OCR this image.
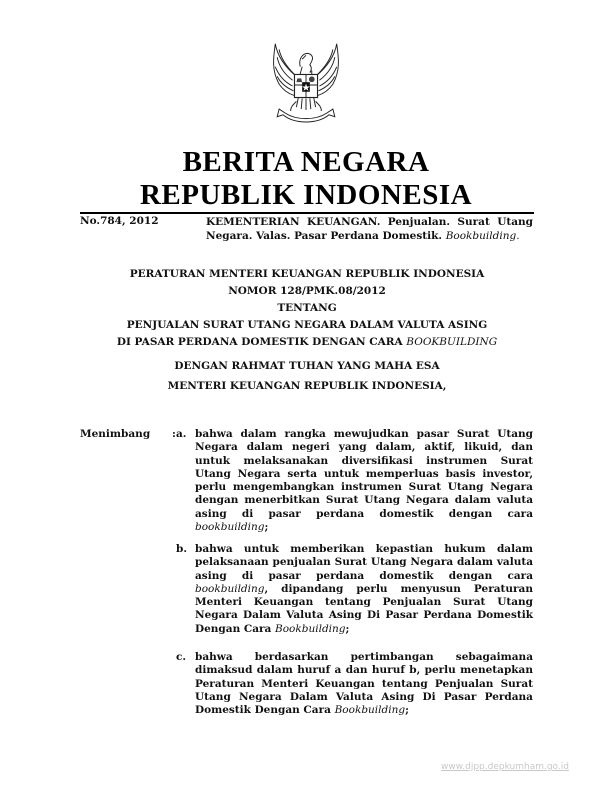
BERITA NEGARA
REPUBLIK INDONESIA
No.784, 2012	KEMENTERIAN KEUANGAN. Penjualan. Surat Utang
Negara. Valas. Pasar Perdana Domestik. Bookbuilding.
PERATURAN MENTERI KEUANGAN REPUBLIK INDONESIA
NOMOR 128/PMK.08/2012
TENTANG
PENJUALAN SURAT UTANG NEGARA DALAM VALUTA ASING
DI PASAR PERDANA DOMESTIK DENGAN CARA BOOKBUILDING
DENGAN RAHMAT TUHAN YANG MAHA ESA
MENTERI KEUANGAN REPUBLIK INDONESIA,
Menimbang : a. bahwa dalam rangka mewujudkan pasar Surat Utang Negara dalam negeri yang dalam, aktif, likuid, dan untuk melaksanakan diversifikasi instrumen Surat Utang Negara serta untuk memperluas basis investor, perlu mengembangkan instrumen Surat Utang Negara dengan menerbitkan Surat Utang Negara dalam valuta asing di pasar perdana domestik dengan cara bookbuilding;
b. bahwa untuk memberikan kepastian hukum dalam pelaksanaan penjualan Surat Utang Negara dalam valuta asing di pasar perdana domestik dengan cara bookbuilding, dipandang perlu menyusun Peraturan Menteri Keuangan tentang Penjualan Surat Utang Negara Dalam Valuta Asing Di Pasar Perdana Domestik Dengan Cara Bookbuilding;
c. bahwa berdasarkan pertimbangan sebagaimana dimaksud dalam huruf a dan huruf b, perlu menetapkan Peraturan Menteri Keuangan tentang Penjualan Surat Utang Negara Dalam Valuta Asing Di Pasar Perdana Domestik Dengan Cara Bookbuilding;
www.djpp.depkumham.go.id
